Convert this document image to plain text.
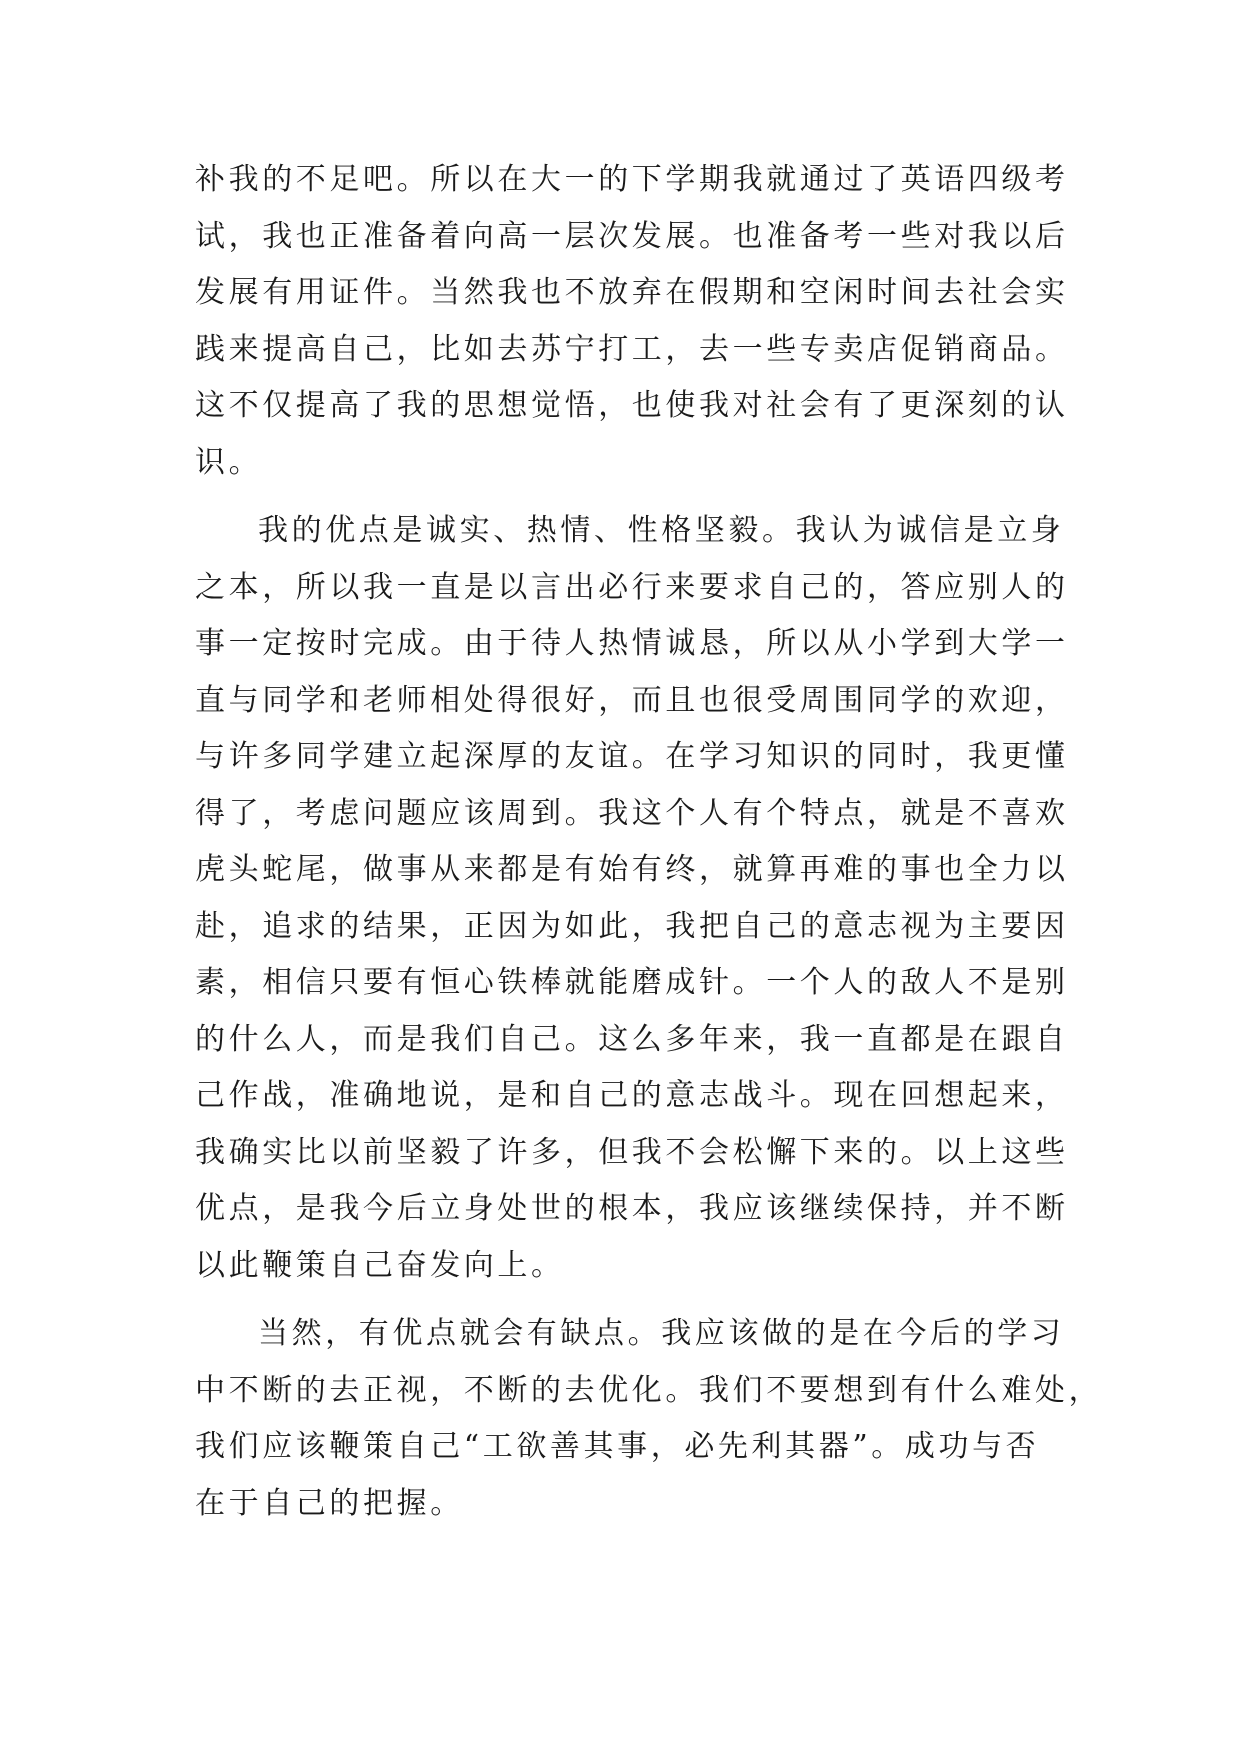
补我的不足吧。所以在大一的下学期我就通过了英语四级考
试，我也正准备着向高一层次发展。也准备考一些对我以后
发展有用证件。当然我也不放弃在假期和空闲时间去社会实
践来提高自己，比如去苏宁打工，去一些专卖店促销商品。
这不仅提高了我的思想觉悟，也使我对社会有了更深刻的认
识。
我的优点是诚实、热情、性格坚毅。我认为诚信是立身
之本，所以我一直是以言出必行来要求自己的，答应别人的
事一定按时完成。由于待人热情诚恳，所以从小学到大学一
直与同学和老师相处得很好，而且也很受周围同学的欢迎，
与许多同学建立起深厚的友谊。在学习知识的同时，我更懂
得了，考虑问题应该周到。我这个人有个特点，就是不喜欢
虎头蛇尾，做事从来都是有始有终，就算再难的事也全力以
赴，追求的结果，正因为如此，我把自己的意志视为主要因
素，相信只要有恒心铁棒就能磨成针。一个人的敌人不是别
的什么人，而是我们自己。这么多年来，我一直都是在跟自
己作战，准确地说，是和自己的意志战斗。现在回想起来，
我确实比以前坚毅了许多，但我不会松懈下来的。以上这些
优点，是我今后立身处世的根本，我应该继续保持，并不断
以此鞭策自己奋发向上。
当然，有优点就会有缺点。我应该做的是在今后的学习
中不断的去正视，不断的去优化。我们不要想到有什么难处，
我们应该鞭策自己“工欲善其事，必先利其器”。成功与否
在于自己的把握。
